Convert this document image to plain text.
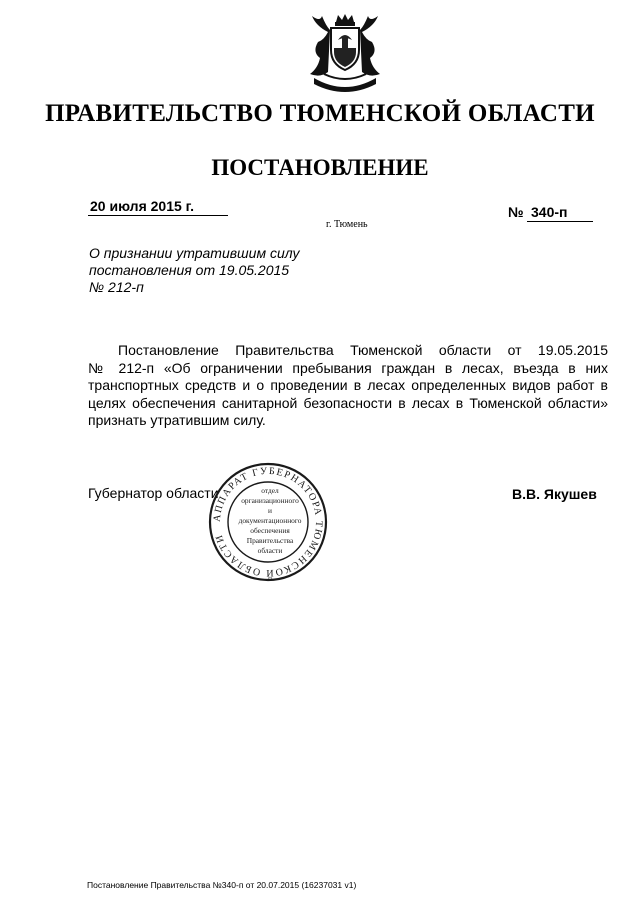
ПРАВИТЕЛЬСТВО ТЮМЕНСКОЙ ОБЛАСТИ
ПОСТАНОВЛЕНИЕ
20 июля 2015 г.	№ 340-п
г. Тюмень
О признании утратившим силу
постановления от 19.05.2015
№ 212-п
Постановление Правительства Тюменской области от 19.05.2015
№ 212-п «Об ограничении пребывания граждан в лесах, въезда в них
транспортных средств и о проведении в лесах определенных видов работ в
целях обеспечения санитарной безопасности в лесах в Тюменской области»
признать утратившим силу.
Губернатор области	В.В. Якушев
АППАРАТ ГУБЕРНАТОРА ТЮМЕНСКОЙ ОБЛАСТИ
отдел
организационного
и
документационного
обеспечения
Правительства
области
Постановление Правительства №340-п от 20.07.2015 (16237031 v1)
